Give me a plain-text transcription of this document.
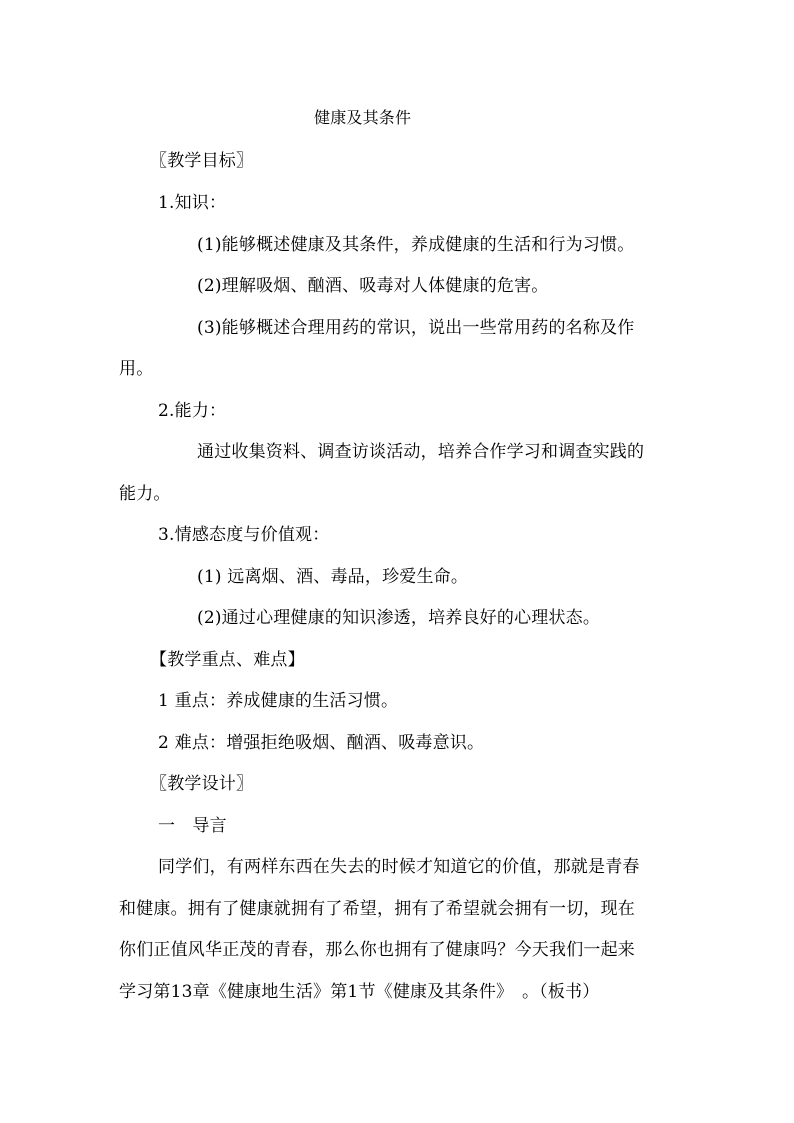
健康及其条件
〖教学目标〗
1.知识：
(1)能够概述健康及其条件，养成健康的生活和行为习惯。
(2)理解吸烟、酗酒、吸毒对人体健康的危害。
(3)能够概述合理用药的常识，说出一些常用药的名称及作
用。
2.能力：
通过收集资料、调查访谈活动，培养合作学习和调查实践的
能力。
3.情感态度与价值观：
(1) 远离烟、酒、毒品，珍爱生命。
(2)通过心理健康的知识渗透，培养良好的心理状态。
【教学重点、难点】
1 重点：养成健康的生活习惯。
2 难点：增强拒绝吸烟、酗酒、吸毒意识。
〖教学设计〗
一　导言
同学们，有两样东西在失去的时候才知道它的价值，那就是青春
和健康。拥有了健康就拥有了希望，拥有了希望就会拥有一切，现在
你们正值风华正茂的青春，那么你也拥有了健康吗？今天我们一起来
学习第13章《健康地生活》第1节《健康及其条件》　。（板书）
